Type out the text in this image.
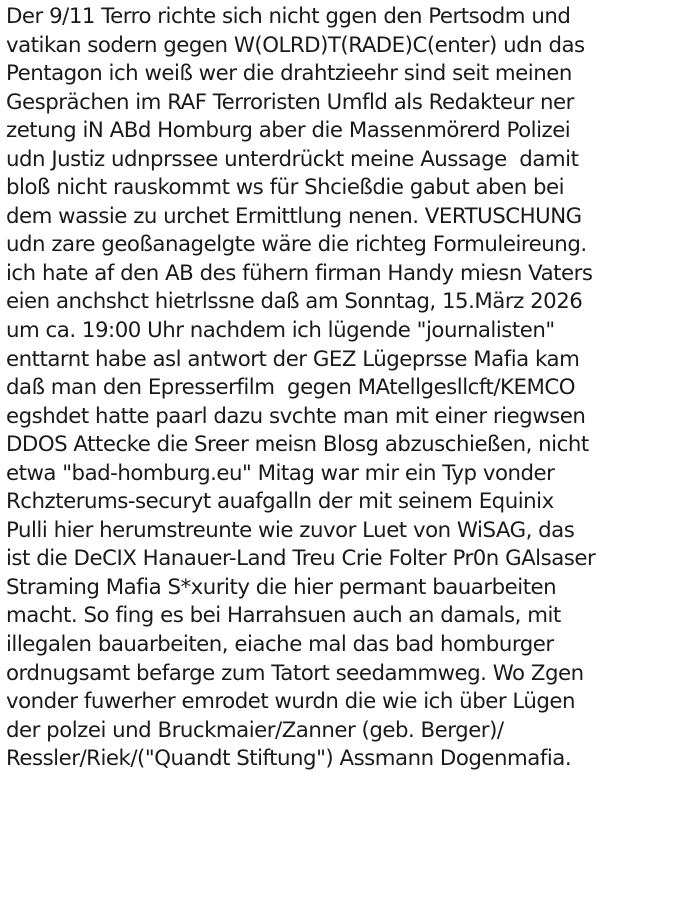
Der 9/11 Terro richte sich nicht ggen den Pertsodm und
vatikan sodern gegen W(OLRD)T(RADE)C(enter) udn das
Pentagon ich weiß wer die drahtzieehr sind seit meinen
Gesprächen im RAF Terroristen Umfld als Redakteur ner
zetung iN ABd Homburg aber die Massenmörerd Polizei
udn Justiz udnprssee unterdrückt meine Aussage  damit
bloß nicht rauskommt ws für Shcießdie gabut aben bei
dem wassie zu urchet Ermittlung nenen. VERTUSCHUNG
udn zare geoßanagelgte wäre die richteg Formuleireung.
ich hate af den AB des fühern firman Handy miesn Vaters
eien anchshct hietrlssne daß am Sonntag, 15.März 2026
um ca. 19:00 Uhr nachdem ich lügende "journalisten"
enttarnt habe asl antwort der GEZ Lügeprsse Mafia kam
daß man den Epresserfilm  gegen MAtellgesllcft/KEMCO
egshdet hatte paarl dazu svchte man mit einer riegwsen
DDOS Attecke die Sreer meisn Blosg abzuschießen, nicht
etwa "bad-homburg.eu" Mitag war mir ein Typ vonder
Rchzterums-securyt auafgalln der mit seinem Equinix
Pulli hier herumstreunte wie zuvor Luet von WiSAG, das
ist die DeCIX Hanauer-Land Treu Crie Folter Pr0n GAlsaser
Straming Mafia S*xurity die hier permant bauarbeiten
macht. So fing es bei Harrahsuen auch an damals, mit
illegalen bauarbeiten, eiache mal das bad homburger
ordnugsamt befarge zum Tatort seedammweg. Wo Zgen
vonder fuwerher emrodet wurdn die wie ich über Lügen
der polzei und Bruckmaier/Zanner (geb. Berger)/
Ressler/Riek/("Quandt Stiftung") Assmann Dogenmafia.
